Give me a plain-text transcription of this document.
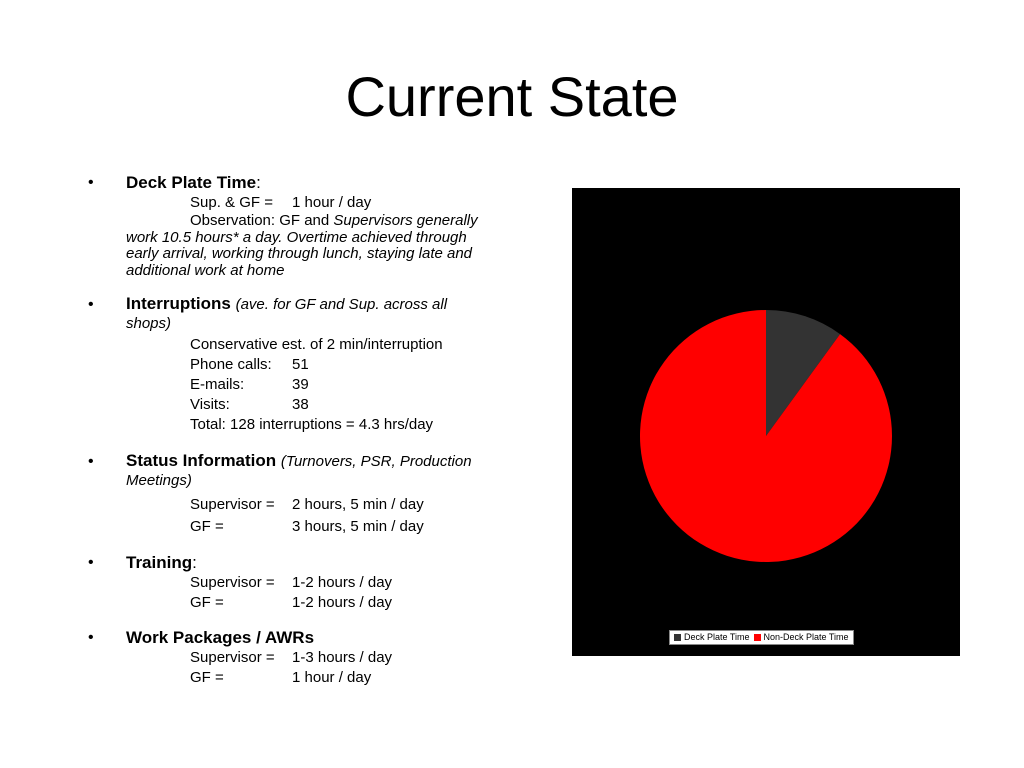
Current State
• Deck Plate Time:
Sup. & GF = 1 hour / day
Observation: GF and Supervisors generally work 10.5 hours* a day. Overtime achieved through early arrival, working through lunch, staying late and additional work at home
• Interruptions (ave. for GF and Sup. across all shops)
Conservative est. of 2 min/interruption
Phone calls: 51
E-mails:	39
Visits:	38
Total: 128 interruptions = 4.3 hrs/day
• Status Information (Turnovers, PSR, Production Meetings)
Supervisor = 2 hours, 5 min / day
GF =	3 hours, 5 min / day
• Training:
Supervisor = 1-2 hours / day
GF =	1-2 hours / day
• Work Packages / AWRs
Supervisor = 1-3 hours / day
GF =	1 hour / day
Deck Plate Time Non-Deck Plate Time
